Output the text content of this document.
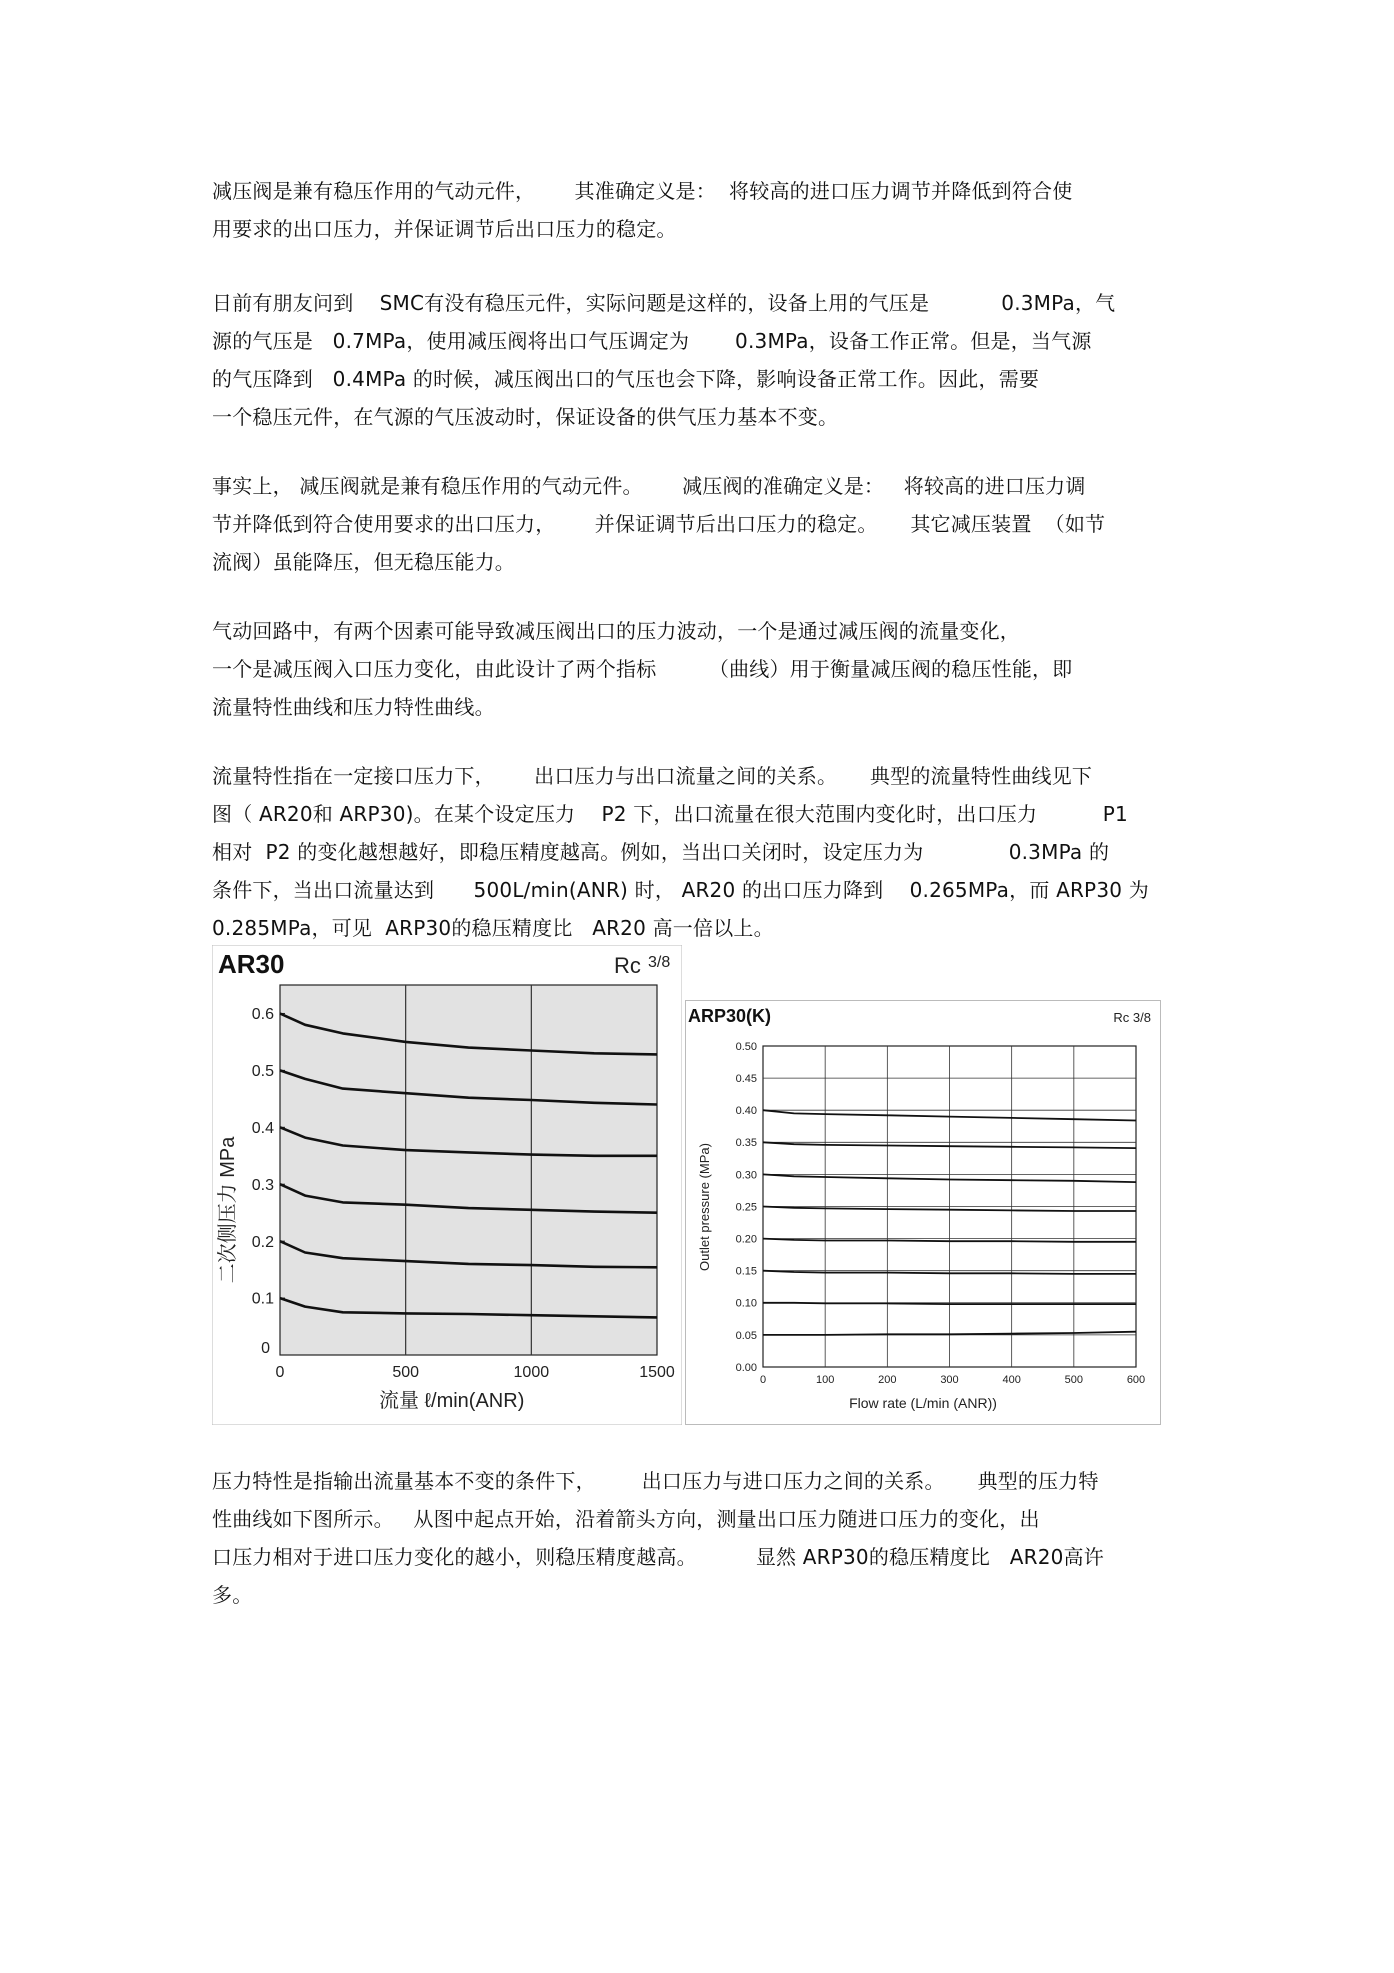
减压阀是兼有稳压作用的气动元件，      其准确定义是：  将较高的进口压力调节并降低到符合使
用要求的出口压力，并保证调节后出口压力的稳定。
日前有朋友问到    SMC有没有稳压元件，实际问题是这样的，设备上用的气压是           0.3MPa，气
源的气压是   0.7MPa，使用减压阀将出口气压调定为       0.3MPa，设备工作正常。但是，当气源
的气压降到   0.4MPa 的时候，减压阀出口的气压也会下降，影响设备正常工作。因此，需要
一个稳压元件，在气源的气压波动时，保证设备的供气压力基本不变。
事实上， 减压阀就是兼有稳压作用的气动元件。      减压阀的准确定义是：   将较高的进口压力调
节并降低到符合使用要求的出口压力，      并保证调节后出口压力的稳定。     其它减压装置  （如节
流阀）虽能降压，但无稳压能力。
气动回路中，有两个因素可能导致减压阀出口的压力波动，一个是通过减压阀的流量变化，
一个是减压阀入口压力变化，由此设计了两个指标        （曲线）用于衡量减压阀的稳压性能，即
流量特性曲线和压力特性曲线。
流量特性指在一定接口压力下，      出口压力与出口流量之间的关系。     典型的流量特性曲线见下
图（ AR20和 ARP30)。在某个设定压力    P2 下，出口流量在很大范围内变化时，出口压力          P1
相对  P2 的变化越想越好，即稳压精度越高。例如，当出口关闭时，设定压力为             0.3MPa 的
条件下，当出口流量达到      500L/min(ANR) 时， AR20 的出口压力降到    0.265MPa，而 ARP30 为
0.285MPa，可见  ARP30的稳压精度比   AR20 高一倍以上。
AR30	Rc 3/8
流量 ℓ/min(ANR)
二次侧压力 MPa
0	500	1000	1500
0.1
0.2
0.3
0.4
0.5
0.6
0
ARP30(K)	Rc 3/8
Flow rate (L/min (ANR))
Outlet pressure (MPa)
0	100	200	300	400	500	600
0.00
0.05
0.10
0.15
0.20
0.25
0.30
0.35
0.40
0.45
0.50
压力特性是指输出流量基本不变的条件下，       出口压力与进口压力之间的关系。     典型的压力特
性曲线如下图所示。   从图中起点开始，沿着箭头方向，测量出口压力随进口压力的变化，出
口压力相对于进口压力变化的越小，则稳压精度越高。         显然 ARP30的稳压精度比   AR20高许
多。
